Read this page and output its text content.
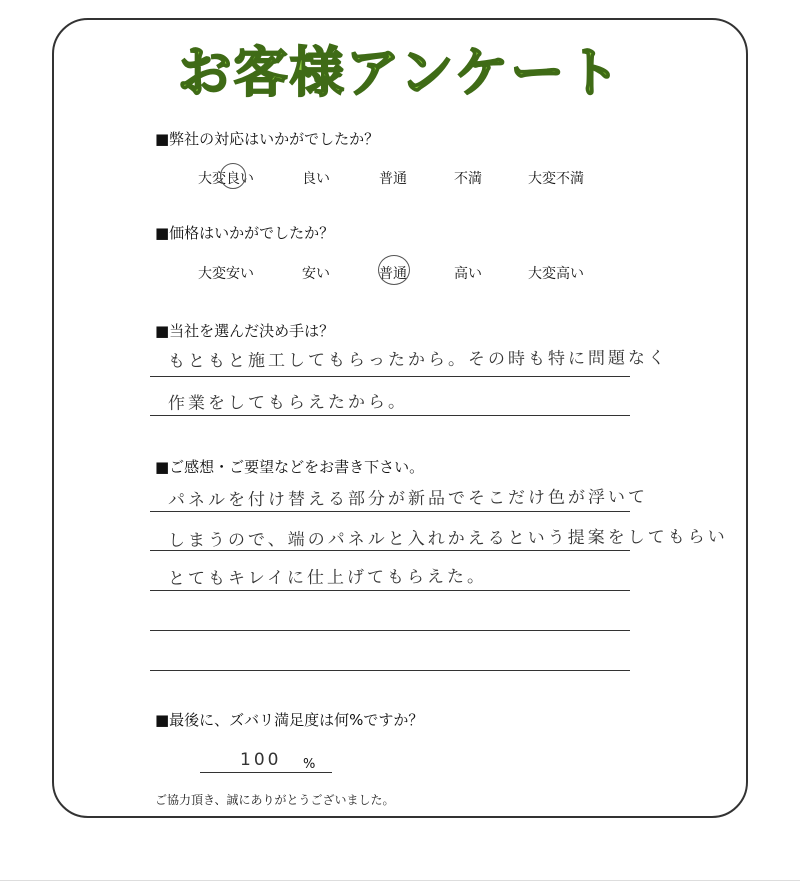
お客様アンケート
■弊社の対応はいかがでしたか？
大変良い	良い	普通	不満	大変不満
■価格はいかがでしたか？
大変安い	安い	普通	高い	大変高い
■当社を選んだ決め手は？
もともと施工してもらったから。その時も特に問題なく
作業をしてもらえたから。
■ご感想・ご要望などをお書き下さい。
パネルを付け替える部分が新品でそこだけ色が浮いて
しまうので、端のパネルと入れかえるという提案をしてもらい
とてもキレイに仕上げてもらえた。
■最後に、ズバリ満足度は何%ですか？
100 %
ご協力頂き、誠にありがとうございました。
